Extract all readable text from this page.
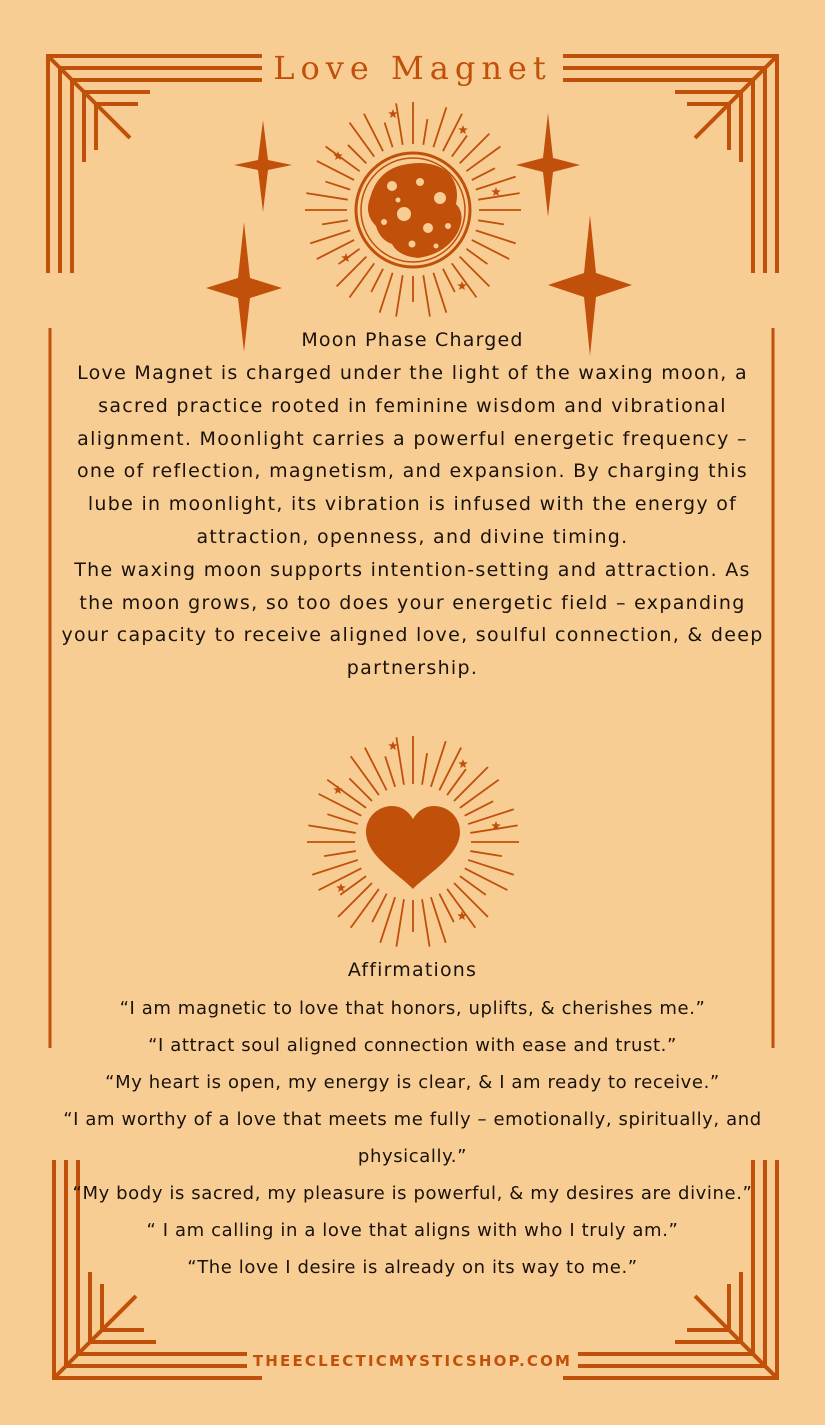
Love Magnet
Moon Phase Charged

Love Magnet is charged under the light of the waxing moon, a sacred practice rooted in feminine wisdom and vibrational alignment. Moonlight carries a powerful energetic frequency – one of reflection, magnetism, and expansion. By charging this lube in moonlight, its vibration is infused with the energy of attraction, openness, and divine timing.

The waxing moon supports intention-setting and attraction. As the moon grows, so too does your energetic field – expanding your capacity to receive aligned love, soulful connection, & deep partnership.

Affirmations

“I am magnetic to love that honors, uplifts, & cherishes me.”

“I attract soul aligned connection with ease and trust.”

“My heart is open, my energy is clear, & I am ready to receive.”

“I am worthy of a love that meets me fully – emotionally, spiritually, and physically.”

“My body is sacred, my pleasure is powerful, & my desires are divine.”

“ I am calling in a love that aligns with who I truly am.”

“The love I desire is already on its way to me.”

THEECLECTICMYSTICSHOP.COM
